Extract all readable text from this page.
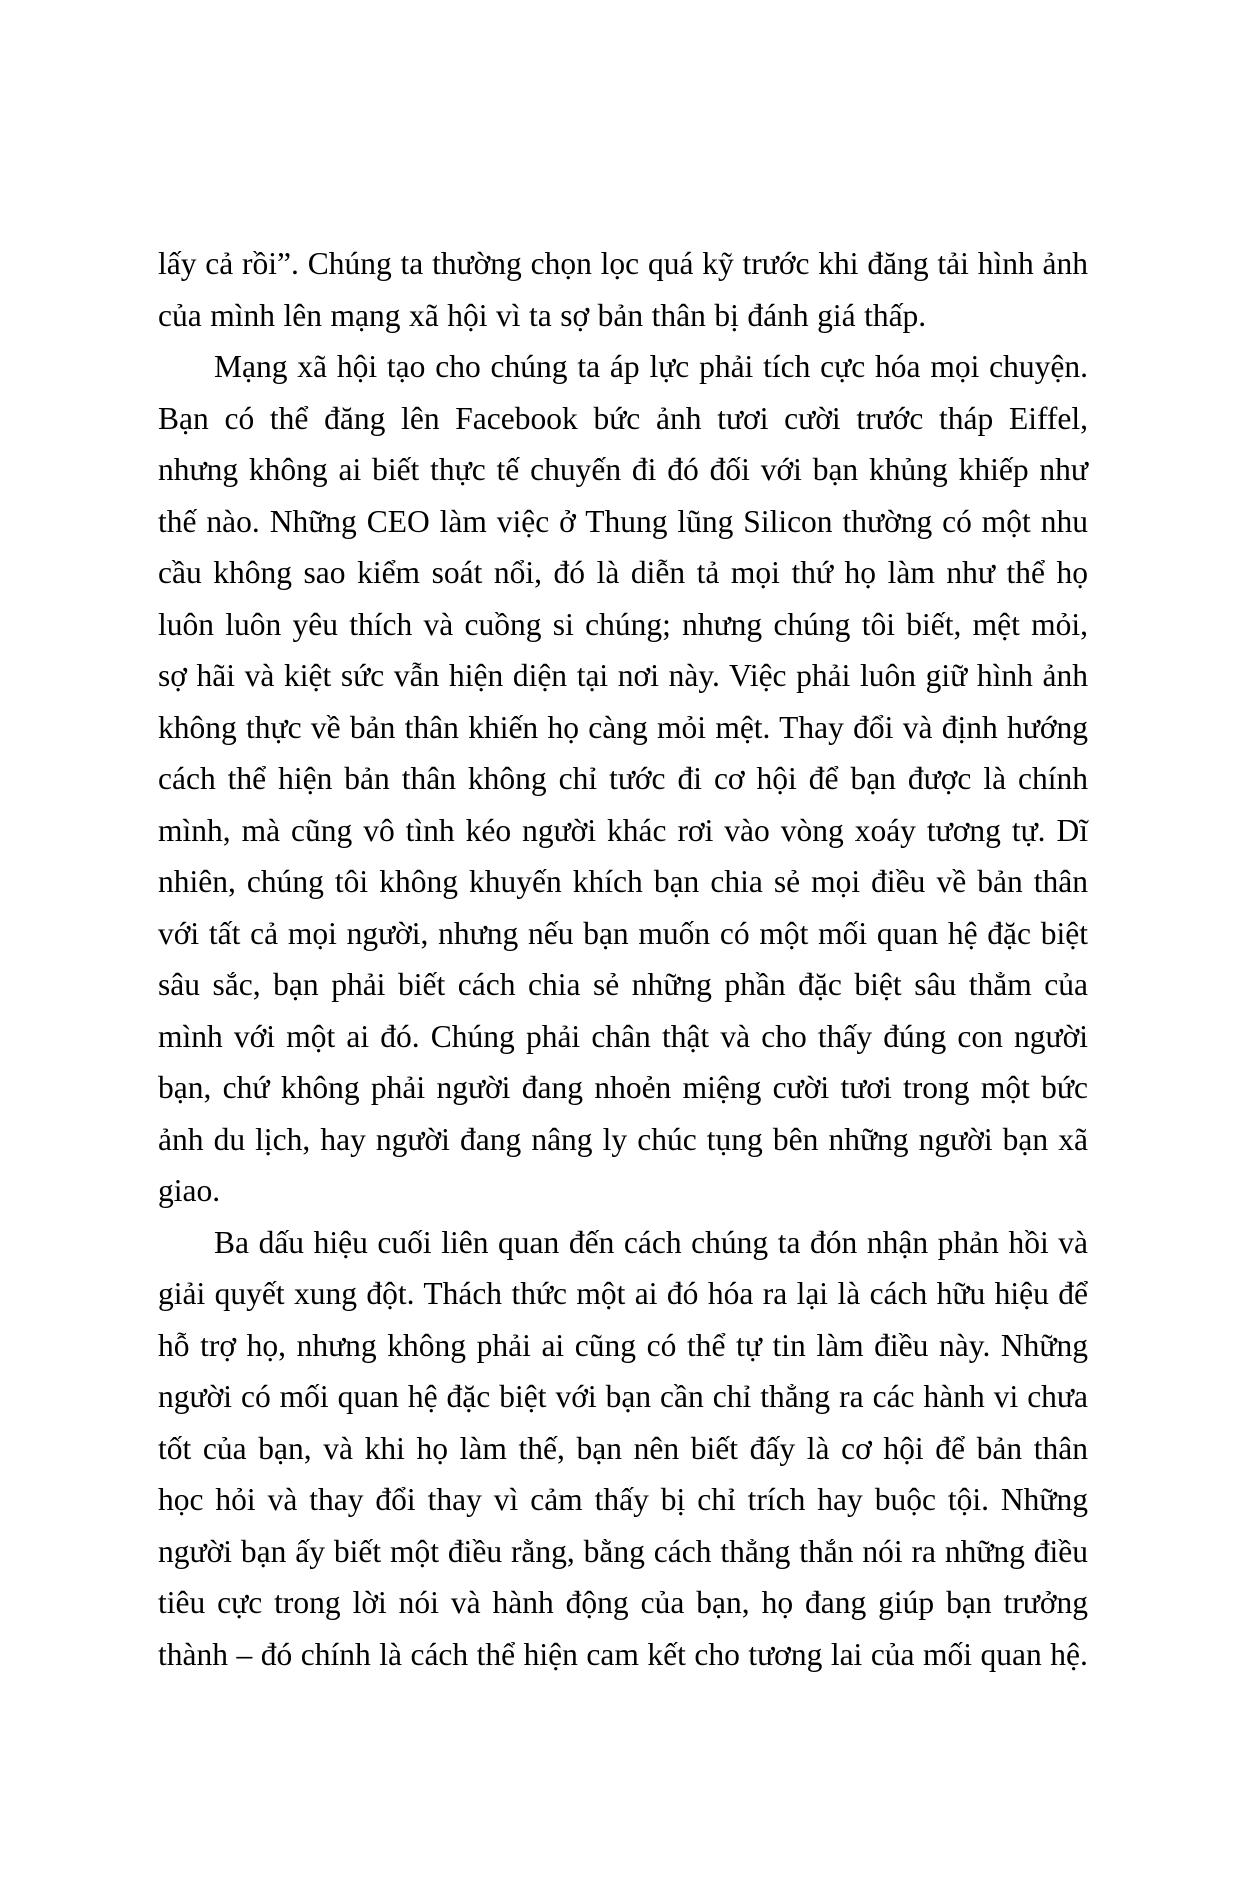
lấy cả rồi”. Chúng ta thường chọn lọc quá kỹ trước khi đăng tải hình ảnh của mình lên mạng xã hội vì ta sợ bản thân bị đánh giá thấp.

Mạng xã hội tạo cho chúng ta áp lực phải tích cực hóa mọi chuyện. Bạn có thể đăng lên Facebook bức ảnh tươi cười trước tháp Eiffel, nhưng không ai biết thực tế chuyến đi đó đối với bạn khủng khiếp như thế nào. Những CEO làm việc ở Thung lũng Silicon thường có một nhu cầu không sao kiểm soát nổi, đó là diễn tả mọi thứ họ làm như thể họ luôn luôn yêu thích và cuồng si chúng; nhưng chúng tôi biết, mệt mỏi, sợ hãi và kiệt sức vẫn hiện diện tại nơi này. Việc phải luôn giữ hình ảnh không thực về bản thân khiến họ càng mỏi mệt. Thay đổi và định hướng cách thể hiện bản thân không chỉ tước đi cơ hội để bạn được là chính mình, mà cũng vô tình kéo người khác rơi vào vòng xoáy tương tự. Dĩ nhiên, chúng tôi không khuyến khích bạn chia sẻ mọi điều về bản thân với tất cả mọi người, nhưng nếu bạn muốn có một mối quan hệ đặc biệt sâu sắc, bạn phải biết cách chia sẻ những phần đặc biệt sâu thẳm của mình với một ai đó. Chúng phải chân thật và cho thấy đúng con người bạn, chứ không phải người đang nhoẻn miệng cười tươi trong một bức ảnh du lịch, hay người đang nâng ly chúc tụng bên những người bạn xã giao.

Ba dấu hiệu cuối liên quan đến cách chúng ta đón nhận phản hồi và giải quyết xung đột. Thách thức một ai đó hóa ra lại là cách hữu hiệu để hỗ trợ họ, nhưng không phải ai cũng có thể tự tin làm điều này. Những người có mối quan hệ đặc biệt với bạn cần chỉ thẳng ra các hành vi chưa tốt của bạn, và khi họ làm thế, bạn nên biết đấy là cơ hội để bản thân học hỏi và thay đổi thay vì cảm thấy bị chỉ trích hay buộc tội. Những người bạn ấy biết một điều rằng, bằng cách thẳng thắn nói ra những điều tiêu cực trong lời nói và hành động của bạn, họ đang giúp bạn trưởng thành – đó chính là cách thể hiện cam kết cho tương lai của mối quan hệ.
